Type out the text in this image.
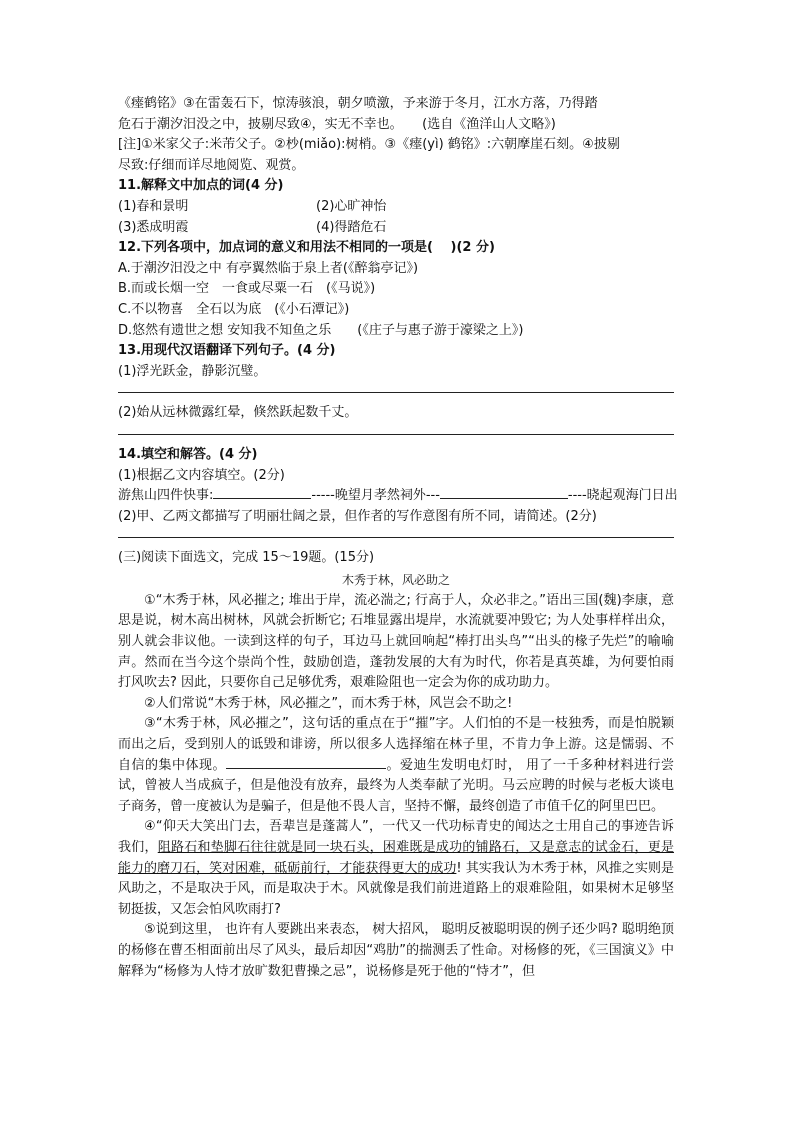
《瘗鹤铭》③在雷轰石下，惊涛骇浪，朝夕喷激，予来游于冬月，江水方落，乃得踏

危石于潮汐汨没之中，披剔尽致④，实无不幸也。　　(选自《渔洋山人文略》)

[注]①米家父子:米芾父子。②杪(miǎo):树梢。③《瘗(yì) 鹤铭》:六朝摩崖石刻。④披剔

尽致:仔细而详尽地阅览、观赏。

11.解释文中加点的词(4 分)

(1)春和景明	(2)心旷神怡

(3)悉成明霞	(4)得踏危石

12.下列各项中，加点词的意义和用法不相同的一项是(　 )(2 分)

A.于潮汐汨没之中 有亭翼然临于泉上者(《醉翁亭记》)

B.而或长烟一空　一食或尽粟一石　(《马说》)

C.不以物喜　全石以为底　(《小石潭记》)

D.悠然有遗世之想 安知我不知鱼之乐　　(《庄子与惠子游于濠梁之上》)

13.用现代汉语翻译下列句子。(4 分)

(1)浮光跃金，静影沉璧。

(2)始从远林微露红晕，倏然跃起数千丈。

14.填空和解答。(4 分)

(1)根据乙文内容填空。(2分)

游焦山四件快事:	-----晚望月孝然祠外---	----晓起观海门日出

(2)甲、乙两文都描写了明丽壮阔之景，但作者的写作意图有所不同，请简述。(2分)

(三)阅读下面选文，完成 15～19题。(15分)

木秀于林，风必助之

①“木秀于林，风必摧之; 堆出于岸，流必湍之; 行高于人，众必非之。”语出三国(魏)李康，意思是说，树木高出树林，风就会折断它; 石堆显露出堤岸，水流就要冲毁它; 为人处事样样出众，别人就会非议他。一读到这样的句子，耳边马上就回响起“棒打出头鸟”“出头的椽子先烂”的喻喻声。然而在当今这个崇尚个性，鼓励创造，蓬勃发展的大有为时代，你若是真英雄，为何要怕雨打风吹去? 因此，只要你自己足够优秀，艰难险阻也一定会为你的成功助力。

②人们常说“木秀于林，风必摧之”，而木秀于林，风岂会不助之!

③“木秀于林，风必摧之”，这句话的重点在于“摧”字。人们怕的不是一枝独秀，而是怕脱颖而出之后，受到别人的诋毁和诽谤，所以很多人选择缩在林子里，不肯力争上游。这是懦弱、不自信的集中体现。	。爱迪生发明电灯时， 用了一千多种材料进行尝试，曾被人当成疯子，但是他没有放弃，最终为人类奉献了光明。马云应聘的时候与老板大谈电子商务，曾一度被认为是骗子，但是他不畏人言，坚持不懈，最终创造了市值千亿的阿里巴巴。

④“仰天大笑出门去，吾辈岂是蓬蒿人”，一代又一代功标青史的闻达之士用自己的事迹告诉我们，阻路石和垫脚石往往就是同一块石头，困难既是成功的铺路石，又是意志的试金石，更是能力的磨刀石，笑对困难，砥砺前行，才能获得更大的成功! 其实我认为木秀于林，风推之实则是风助之，不是取决于风，而是取决于木。风就像是我们前进道路上的艰难险阻，如果树木足够坚韧挺拔，又怎会怕风吹雨打?

⑤说到这里， 也许有人要跳出来表态， 树大招风， 聪明反被聪明误的例子还少吗? 聪明绝顶的杨修在曹丕相面前出尽了风头，最后却因“鸡肋”的揣测丢了性命。对杨修的死，《三国演义》中解释为“杨修为人恃才放旷数犯曹操之忌”，说杨修是死于他的“恃才”，但
